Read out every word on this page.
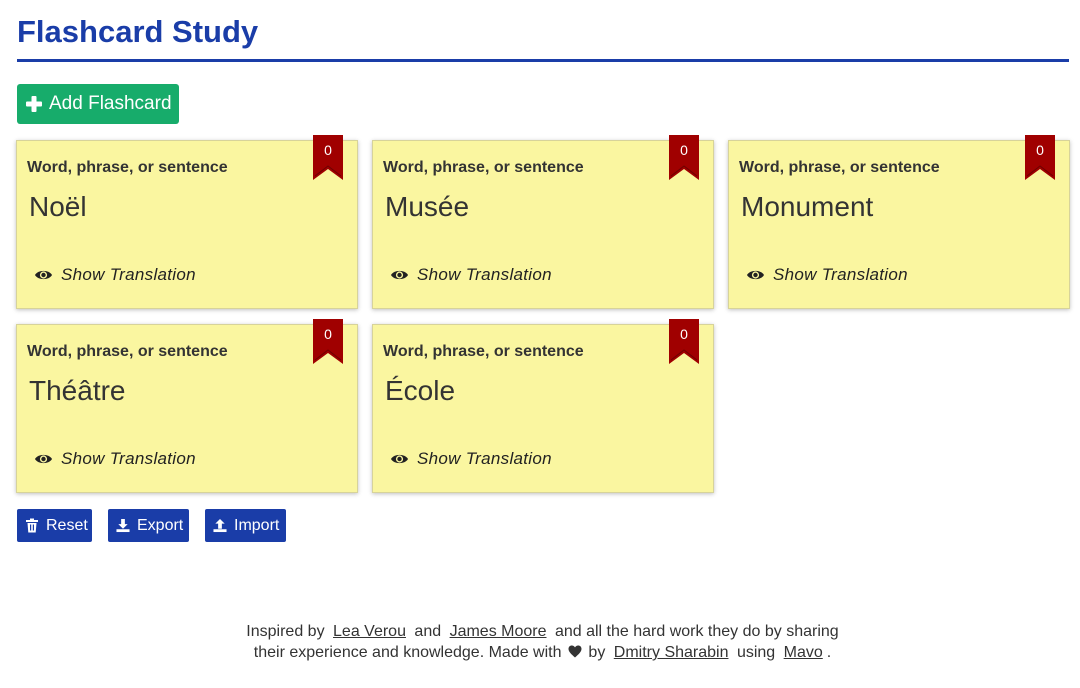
Flashcard Study
Add Flashcard
Word, phrase, or sentence
Noël
Show Translation
0
Word, phrase, or sentence
Musée
Show Translation
0
Word, phrase, or sentence
Monument
Show Translation
0
Word, phrase, or sentence
Théâtre
Show Translation
0
Word, phrase, or sentence
École
Show Translation
0
Reset	Export	Import
Inspired by Lea Verou and James Moore and all the hard work they do by sharing
their experience and knowledge. Made with by Dmitry Sharabin using Mavo .
